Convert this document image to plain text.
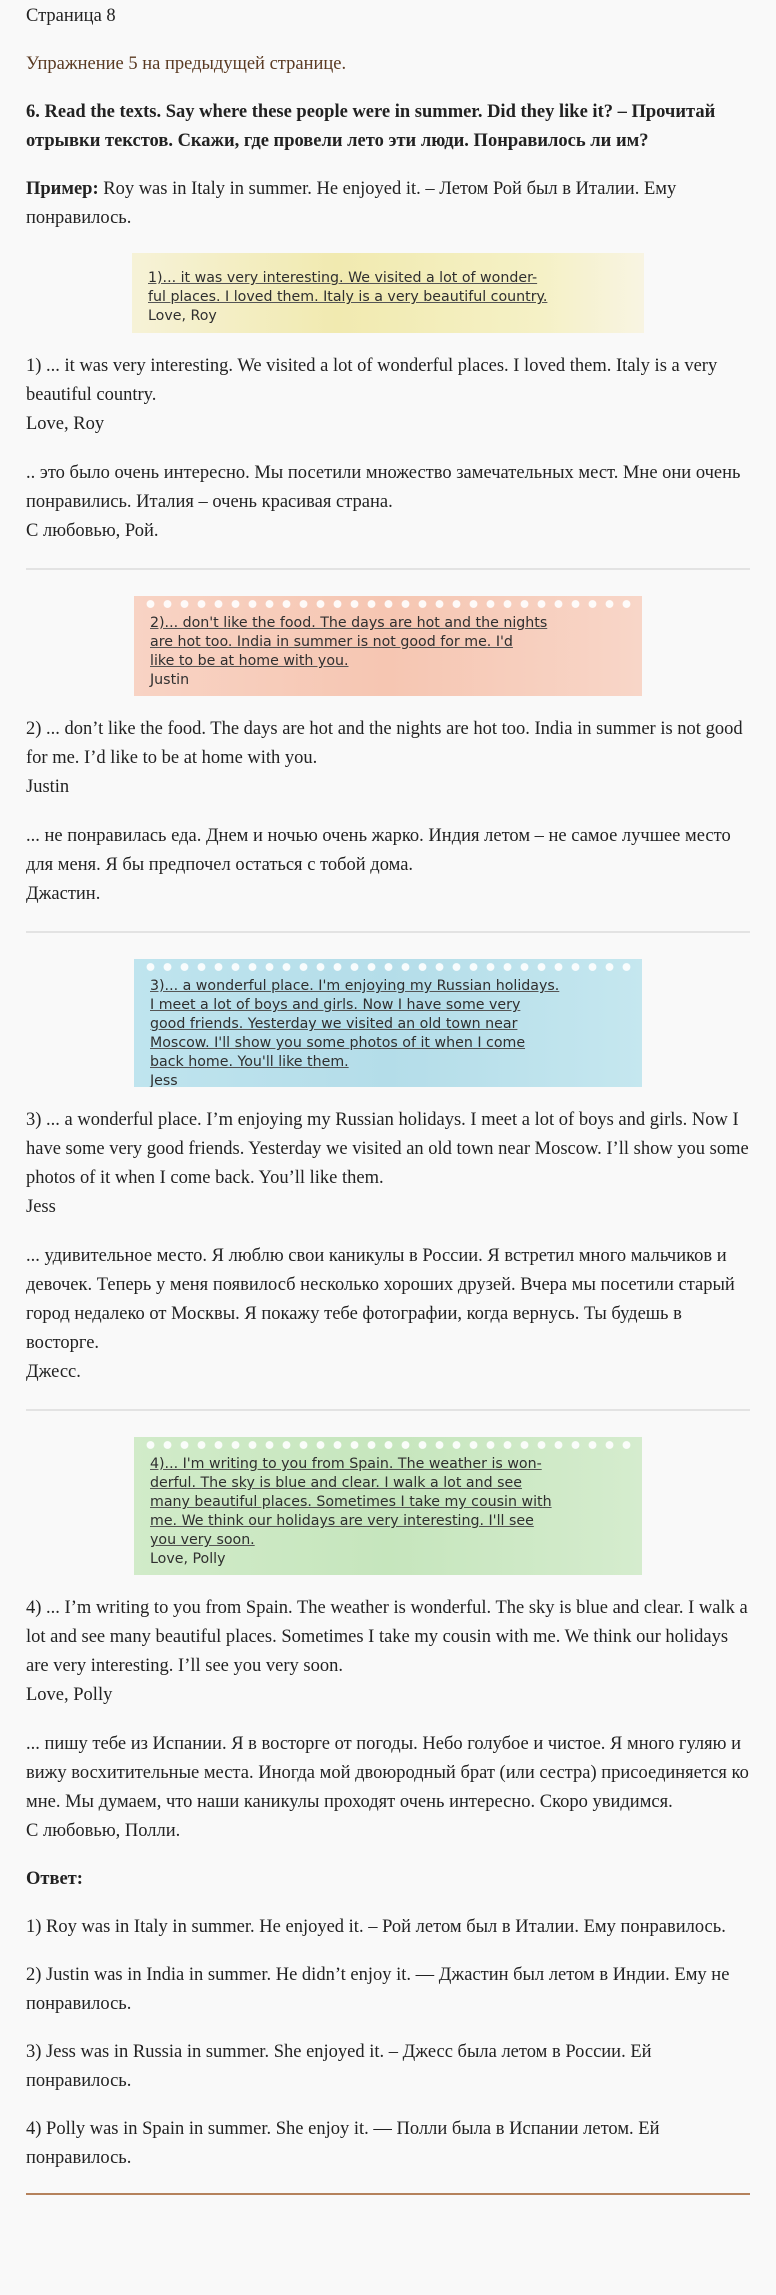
Страница 8

Упражнение 5 на предыдущей странице.

6. Read the texts. Say where these people were in summer. Did they like it? – Прочитай отрывки текстов. Скажи, где провели лето эти люди. Понравилось ли им?

Пример: Roy was in Italy in summer. He enjoyed it. – Летом Рой был в Италии. Ему понравилось.

1)... it was very interesting. We visited a lot of wonder-
ful places. I loved them. Italy is a very beautiful country.
Love, Roy

1) ... it was very interesting. We visited a lot of wonderful places. I loved them. Italy is a very beautiful country.
Love, Roy

.. это было очень интересно. Мы посетили множество замечательных мест. Мне они очень понравились. Италия – очень красивая страна.
С любовью, Рой.

2)... don't like the food. The days are hot and the nights
are hot too. India in summer is not good for me. I'd
like to be at home with you.
Justin

2) ... don’t like the food. The days are hot and the nights are hot too. India in summer is not good for me. I’d like to be at home with you.
Justin

... не понравилась еда. Днем и ночью очень жарко. Индия летом – не самое лучшее место для меня. Я бы предпочел остаться с тобой дома.
Джастин.

3)... a wonderful place. I'm enjoying my Russian holidays.
I meet a lot of boys and girls. Now I have some very
good friends. Yesterday we visited an old town near
Moscow. I'll show you some photos of it when I come
back home. You'll like them.
Jess

3) ... a wonderful place. I’m enjoying my Russian holidays. I meet a lot of boys and girls. Now I have some very good friends. Yesterday we visited an old town near Moscow. I’ll show you some photos of it when I come back. You’ll like them.
Jess

... удивительное место. Я люблю свои каникулы в России. Я встретил много мальчиков и девочек. Теперь у меня появилосб несколько хороших друзей. Вчера мы посетили старый город недалеко от Москвы. Я покажу тебе фотографии, когда вернусь. Ты будешь в восторге.
Джесс.

4)... I'm writing to you from Spain. The weather is won-
derful. The sky is blue and clear. I walk a lot and see
many beautiful places. Sometimes I take my cousin with
me. We think our holidays are very interesting. I'll see
you very soon.
Love, Polly

4) ... I’m writing to you from Spain. The weather is wonderful. The sky is blue and clear. I walk a lot and see many beautiful places. Sometimes I take my cousin with me. We think our holidays are very interesting. I’ll see you very soon.
Love, Polly

... пишу тебе из Испании. Я в восторге от погоды. Небо голубое и чистое. Я много гуляю и вижу восхитительные места. Иногда мой двоюродный брат (или сестра) присоединяется ко мне. Мы думаем, что наши каникулы проходят очень интересно. Скоро увидимся.
С любовью, Полли.

Ответ:

1) Roy was in Italy in summer. He enjoyed it. – Рой летом был в Италии. Ему понравилось.

2) Justin was in India in summer. He didn’t enjoy it. — Джастин был летом в Индии. Ему не понравилось.

3) Jess was in Russia in summer. She enjoyed it. – Джесс была летом в России. Ей понравилось.

4) Polly was in Spain in summer. She enjoy it. — Полли была в Испании летом. Ей понравилось.
